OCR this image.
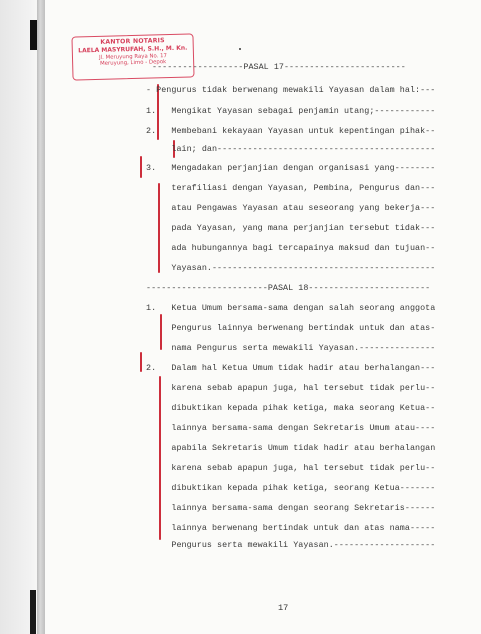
KANTOR NOTARIS
LAELA MASYRUFAH, S.H., M. Kn.
Jl. Meruyung Raya No. 17
Meruyung, Limo - Depok
------------------PASAL 17------------------------
- Pengurus tidak berwenang mewakili Yayasan dalam hal:---
1.   Mengikat Yayasan sebagai penjamin utang;------------
2.   Membebani kekayaan Yayasan untuk kepentingan pihak--
lain; dan-------------------------------------------
3.   Mengadakan perjanjian dengan organisasi yang--------
terafiliasi dengan Yayasan, Pembina, Pengurus dan---
atau Pengawas Yayasan atau seseorang yang bekerja---
pada Yayasan, yang mana perjanjian tersebut tidak---
ada hubungannya bagi tercapainya maksud dan tujuan--
Yayasan.--------------------------------------------
------------------------PASAL 18------------------------
1.   Ketua Umum bersama-sama dengan salah seorang anggota
Pengurus lainnya berwenang bertindak untuk dan atas-
nama Pengurus serta mewakili Yayasan.---------------
2.   Dalam hal Ketua Umum tidak hadir atau berhalangan---
karena sebab apapun juga, hal tersebut tidak perlu--
dibuktikan kepada pihak ketiga, maka seorang Ketua--
lainnya bersama-sama dengan Sekretaris Umum atau----
apabila Sekretaris Umum tidak hadir atau berhalangan
karena sebab apapun juga, hal tersebut tidak perlu--
dibuktikan kepada pihak ketiga, seorang Ketua-------
lainnya bersama-sama dengan seorang Sekretaris------
lainnya berwenang bertindak untuk dan atas nama-----
Pengurus serta mewakili Yayasan.--------------------
17
